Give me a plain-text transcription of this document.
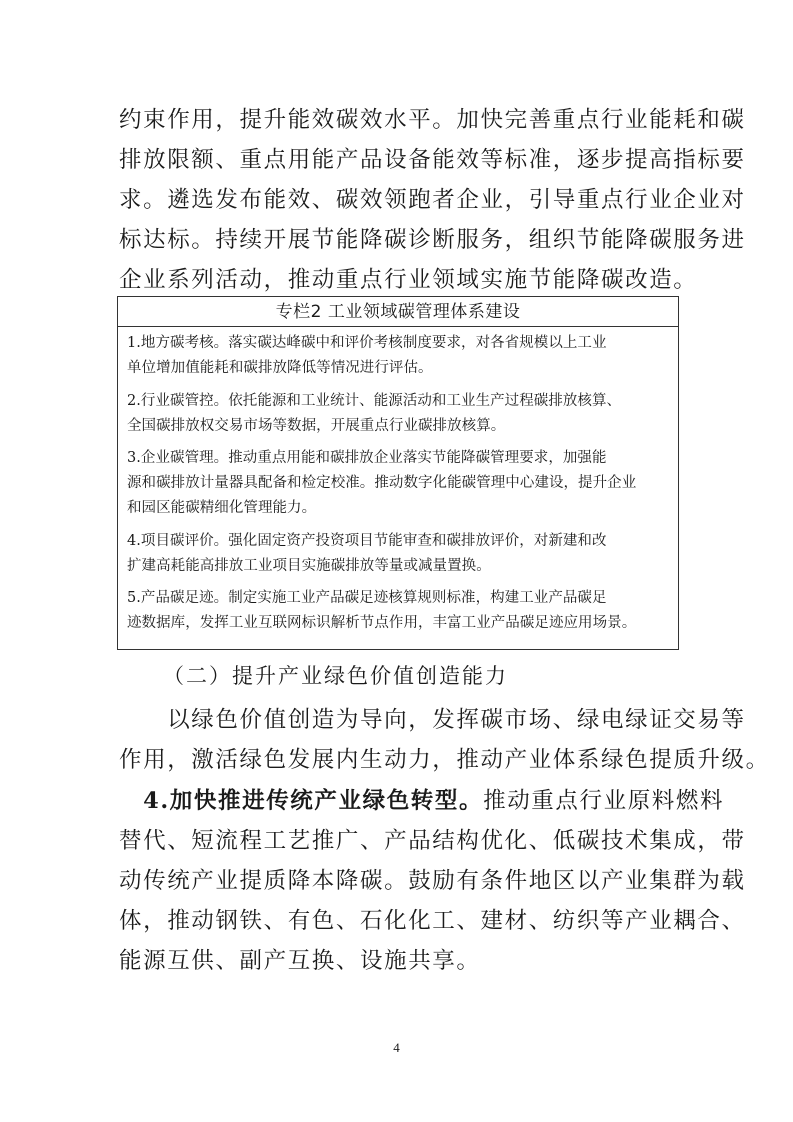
约束作用，提升能效碳效水平。加快完善重点行业能耗和碳
排放限额、重点用能产品设备能效等标准，逐步提高指标要
求。遴选发布能效、碳效领跑者企业，引导重点行业企业对
标达标。持续开展节能降碳诊断服务，组织节能降碳服务进
企业系列活动，推动重点行业领域实施节能降碳改造。
专栏2 工业领域碳管理体系建设
1.地方碳考核。落实碳达峰碳中和评价考核制度要求，对各省规模以上工业
单位增加值能耗和碳排放降低等情况进行评估。
2.行业碳管控。依托能源和工业统计、能源活动和工业生产过程碳排放核算、
全国碳排放权交易市场等数据，开展重点行业碳排放核算。
3.企业碳管理。推动重点用能和碳排放企业落实节能降碳管理要求，加强能
源和碳排放计量器具配备和检定校准。推动数字化能碳管理中心建设，提升企业
和园区能碳精细化管理能力。
4.项目碳评价。强化固定资产投资项目节能审查和碳排放评价，对新建和改
扩建高耗能高排放工业项目实施碳排放等量或减量置换。
5.产品碳足迹。制定实施工业产品碳足迹核算规则标准，构建工业产品碳足
迹数据库，发挥工业互联网标识解析节点作用，丰富工业产品碳足迹应用场景。
（二）提升产业绿色价值创造能力
　　以绿色价值创造为导向，发挥碳市场、绿电绿证交易等
作用，激活绿色发展内生动力，推动产业体系绿色提质升级。
　4.加快推进传统产业绿色转型。推动重点行业原料燃料
替代、短流程工艺推广、产品结构优化、低碳技术集成，带
动传统产业提质降本降碳。鼓励有条件地区以产业集群为载
体，推动钢铁、有色、石化化工、建材、纺织等产业耦合、
能源互供、副产互换、设施共享。
4
